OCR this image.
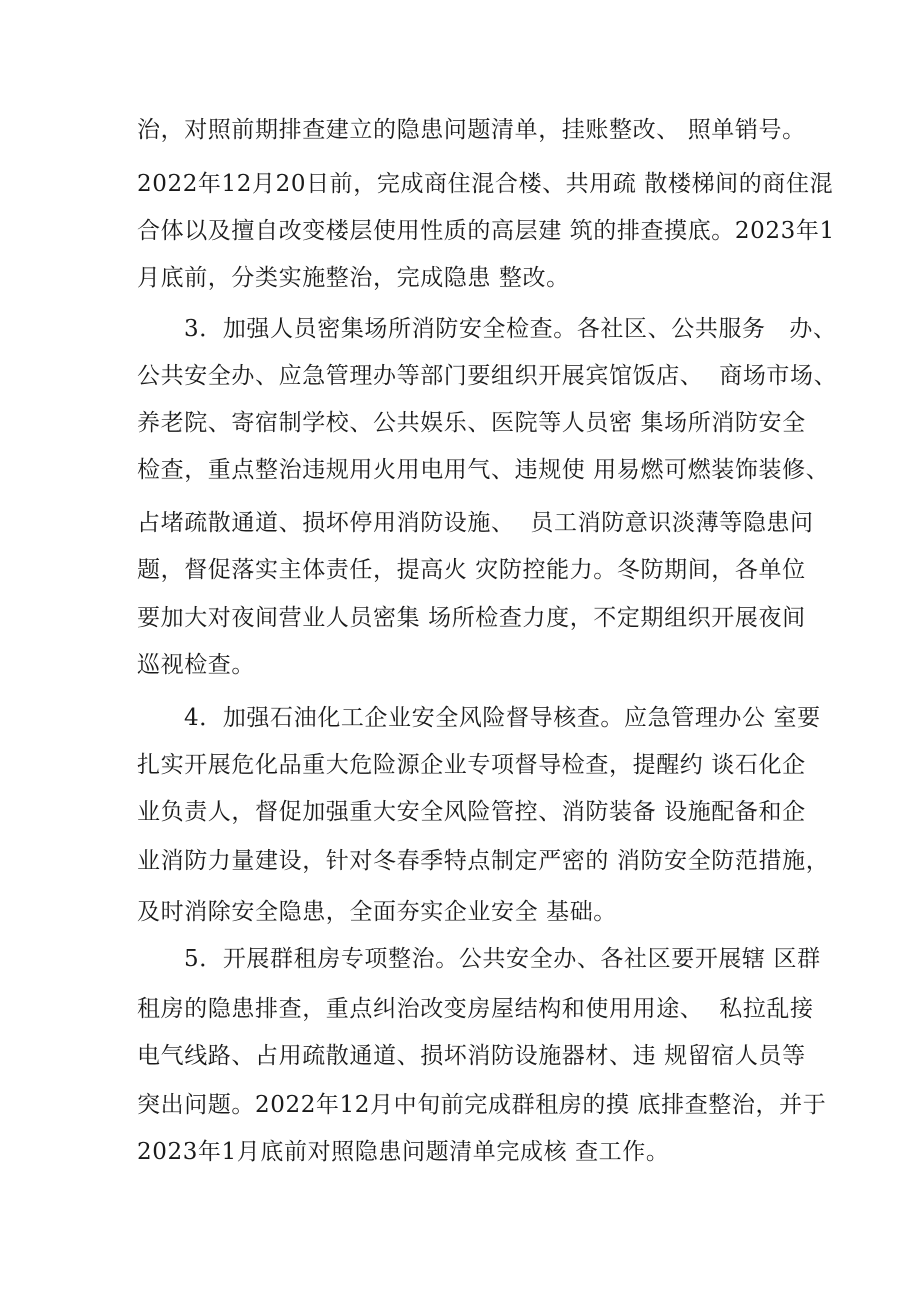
治，对照前期排查建立的隐患问题清单，挂账整改、 照单销号。

2022年12月20日前，完成商住混合楼、共用疏 散楼梯间的商住混

合体以及擅自改变楼层使用性质的高层建 筑的排查摸底。2023年1

月底前，分类实施整治，完成隐患 整改。

3．加强人员密集场所消防安全检查。各社区、公共服务   办、

公共安全办、应急管理办等部门要组织开展宾馆饭店、  商场市场、

养老院、寄宿制学校、公共娱乐、医院等人员密 集场所消防安全

检查，重点整治违规用火用电用气、违规使 用易燃可燃装饰装修、

占堵疏散通道、损坏停用消防设施、  员工消防意识淡薄等隐患问

题，督促落实主体责任，提高火 灾防控能力。冬防期间，各单位

要加大对夜间营业人员密集 场所检查力度，不定期组织开展夜间

巡视检查。

4．加强石油化工企业安全风险督导核查。应急管理办公 室要

扎实开展危化品重大危险源企业专项督导检查，提醒约 谈石化企

业负责人，督促加强重大安全风险管控、消防装备 设施配备和企

业消防力量建设，针对冬春季特点制定严密的 消防安全防范措施，

及时消除安全隐患，全面夯实企业安全 基础。

5．开展群租房专项整治。公共安全办、各社区要开展辖 区群

租房的隐患排查，重点纠治改变房屋结构和使用用途、  私拉乱接

电气线路、占用疏散通道、损坏消防设施器材、违 规留宿人员等

突出问题。2022年12月中旬前完成群租房的摸 底排查整治，并于

2023年1月底前对照隐患问题清单完成核 查工作。
